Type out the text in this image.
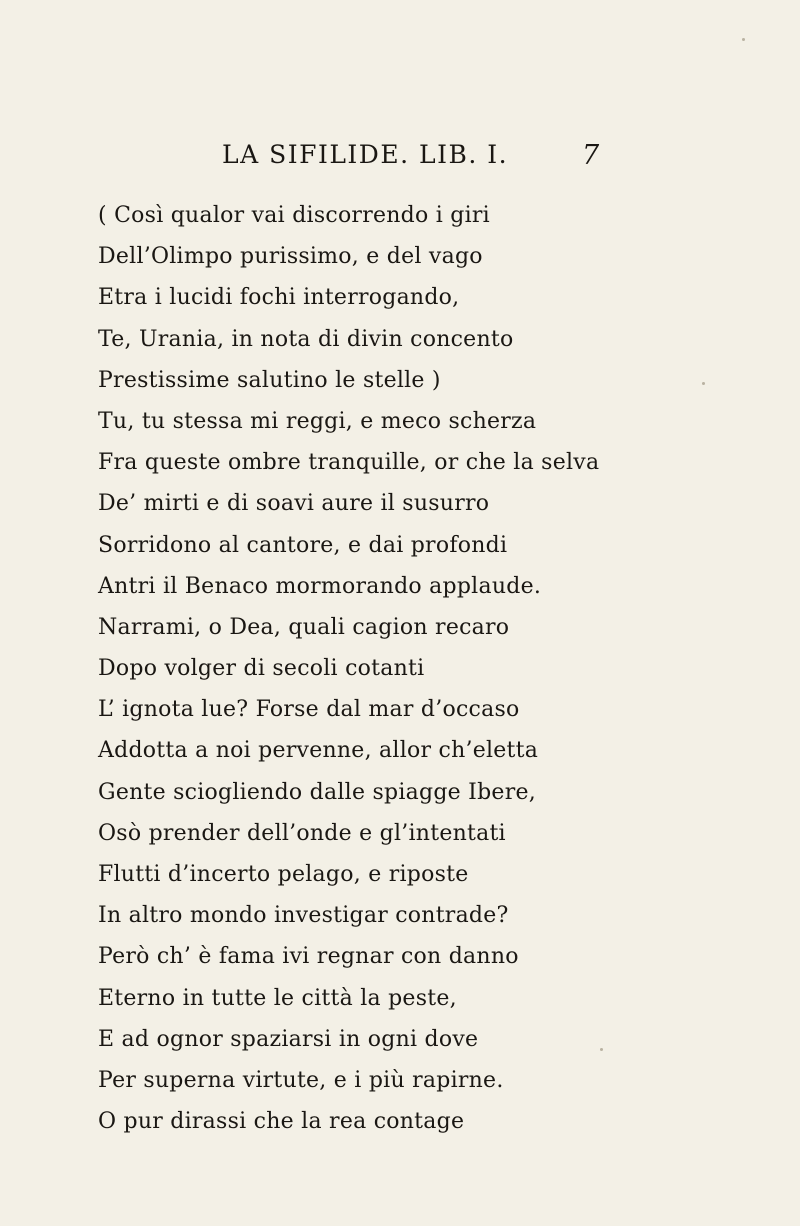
LA SIFILIDE. LIB. I.	7
( Così qualor vai discorrendo i giri
Dell’Olimpo purissimo, e del vago
Etra i lucidi fochi interrogando,
Te, Urania, in nota di divin concento
Prestissime salutino le stelle )
Tu, tu stessa mi reggi, e meco scherza
Fra queste ombre tranquille, or che la selva
De’ mirti e di soavi aure il susurro
Sorridono al cantore, e dai profondi
Antri il Benaco mormorando applaude.
Narrami, o Dea, quali cagion recaro
Dopo volger di secoli cotanti
L’ ignota lue? Forse dal mar d’occaso
Addotta a noi pervenne, allor ch’eletta
Gente sciogliendo dalle spiagge Ibere,
Osò prender dell’onde e gl’intentati
Flutti d’incerto pelago, e riposte
In altro mondo investigar contrade?
Però ch’ è fama ivi regnar con danno
Eterno in tutte le città la peste,
E ad ognor spaziarsi in ogni dove
Per superna virtute, e i più rapirne.
O pur dirassi che la rea contage
